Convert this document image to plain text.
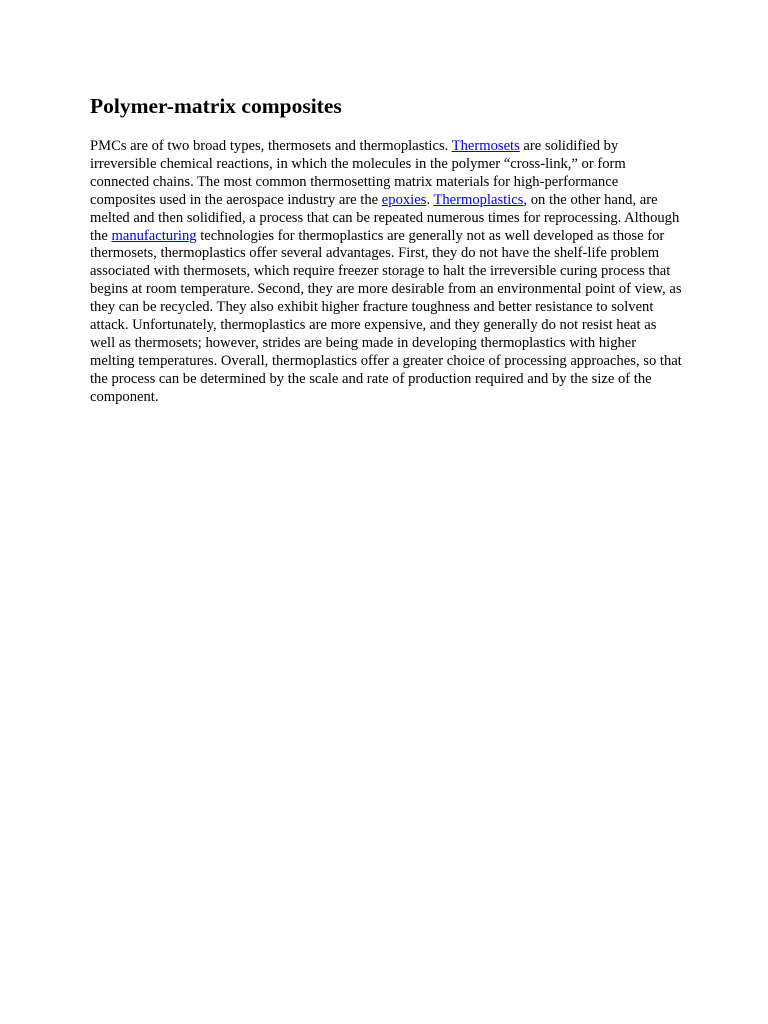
Polymer-matrix composites

PMCs are of two broad types, thermosets and thermoplastics. Thermosets are solidified by irreversible chemical reactions, in which the molecules in the polymer “cross-link,” or form connected chains. The most common thermosetting matrix materials for high-performance composites used in the aerospace industry are the epoxies. Thermoplastics, on the other hand, are melted and then solidified, a process that can be repeated numerous times for reprocessing. Although the manufacturing technologies for thermoplastics are generally not as well developed as those for thermosets, thermoplastics offer several advantages. First, they do not have the shelf-life problem associated with thermosets, which require freezer storage to halt the irreversible curing process that begins at room temperature. Second, they are more desirable from an environmental point of view, as they can be recycled. They also exhibit higher fracture toughness and better resistance to solvent attack. Unfortunately, thermoplastics are more expensive, and they generally do not resist heat as well as thermosets; however, strides are being made in developing thermoplastics with higher melting temperatures. Overall, thermoplastics offer a greater choice of processing approaches, so that the process can be determined by the scale and rate of production required and by the size of the component.
